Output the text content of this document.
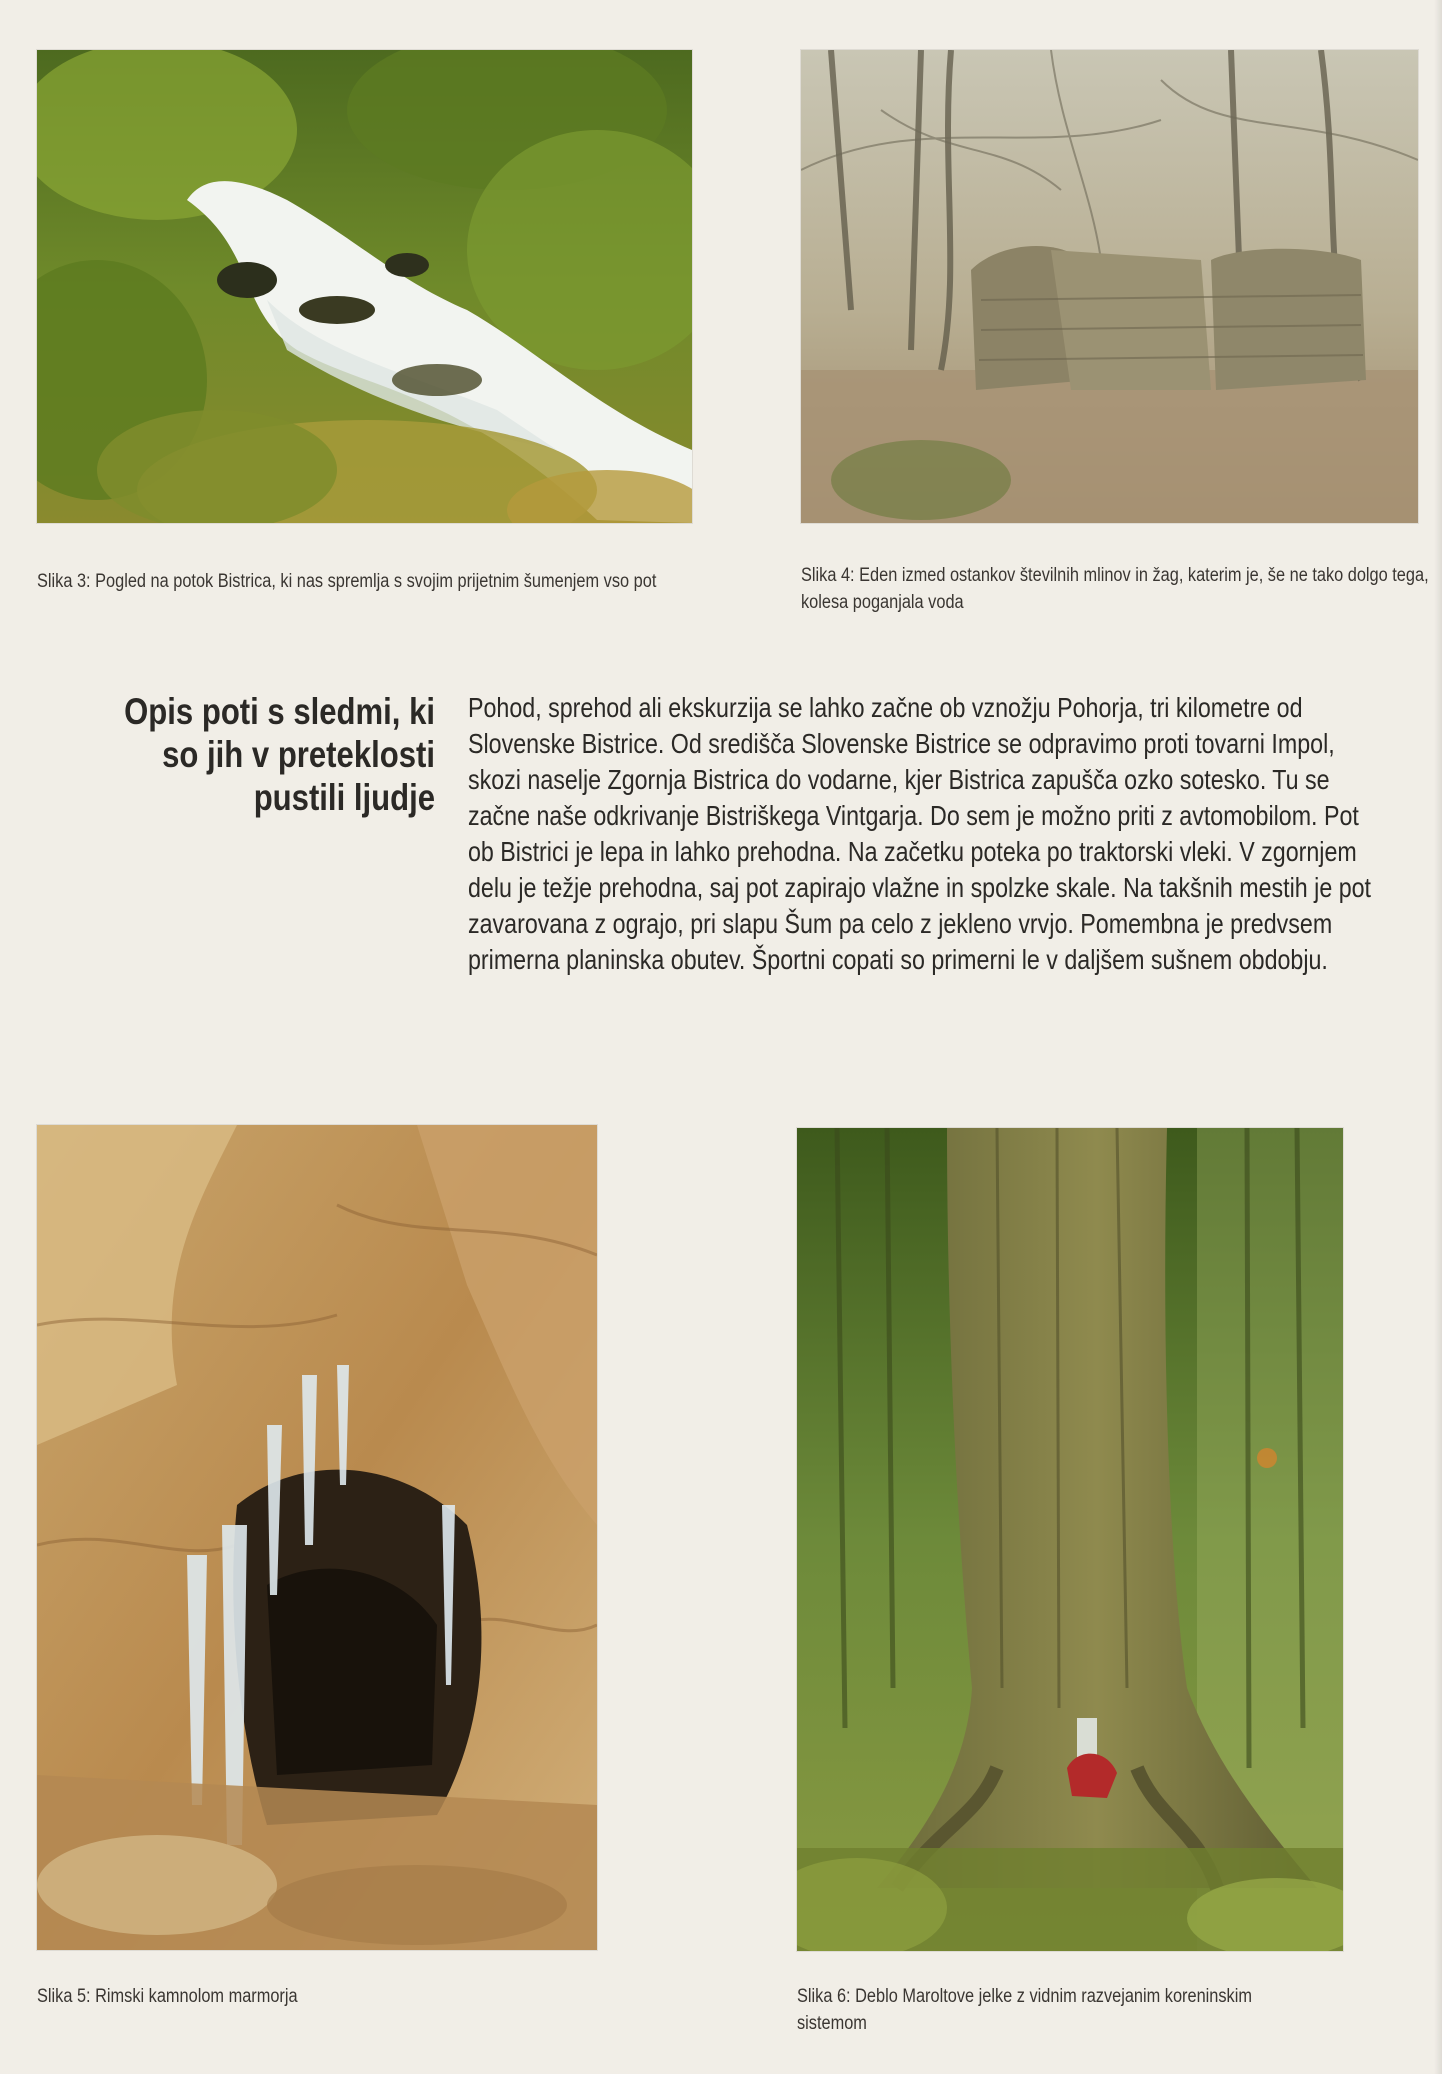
Slika 3: Pogled na potok Bistrica, ki nas spremlja s svojim prijetnim šumenjem vso pot	Slika 4: Eden izmed ostankov številnih mlinov in žag, katerim je, še ne tako dolgo tega, kolesa poganjala voda
Opis poti s sledmi, ki so jih v preteklosti pustili ljudje

Pohod, sprehod ali ekskurzija se lahko začne ob vznožju Pohorja, tri kilometre od Slovenske Bistrice. Od središča Slovenske Bistrice se odpravimo proti tovarni Impol, skozi naselje Zgornja Bistrica do vodarne, kjer Bistrica zapušča ozko sotesko. Tu se začne naše odkrivanje Bistriškega Vintgarja. Do sem je možno priti z avtomobilom. Pot ob Bistrici je lepa in lahko prehodna. Na začetku poteka po traktorski vleki. V zgornjem delu je težje prehodna, saj pot zapirajo vlažne in spolzke skale. Na takšnih mestih je pot zavarovana z ograjo, pri slapu Šum pa celo z jekleno vrvjo. Pomembna je predvsem primerna planinska obutev. Športni copati so primerni le v daljšem sušnem obdobju.

Slika 5: Rimski kamnolom marmorja	Slika 6: Deblo Maroltove jelke z vidnim razvejanim koreninskim sistemom
